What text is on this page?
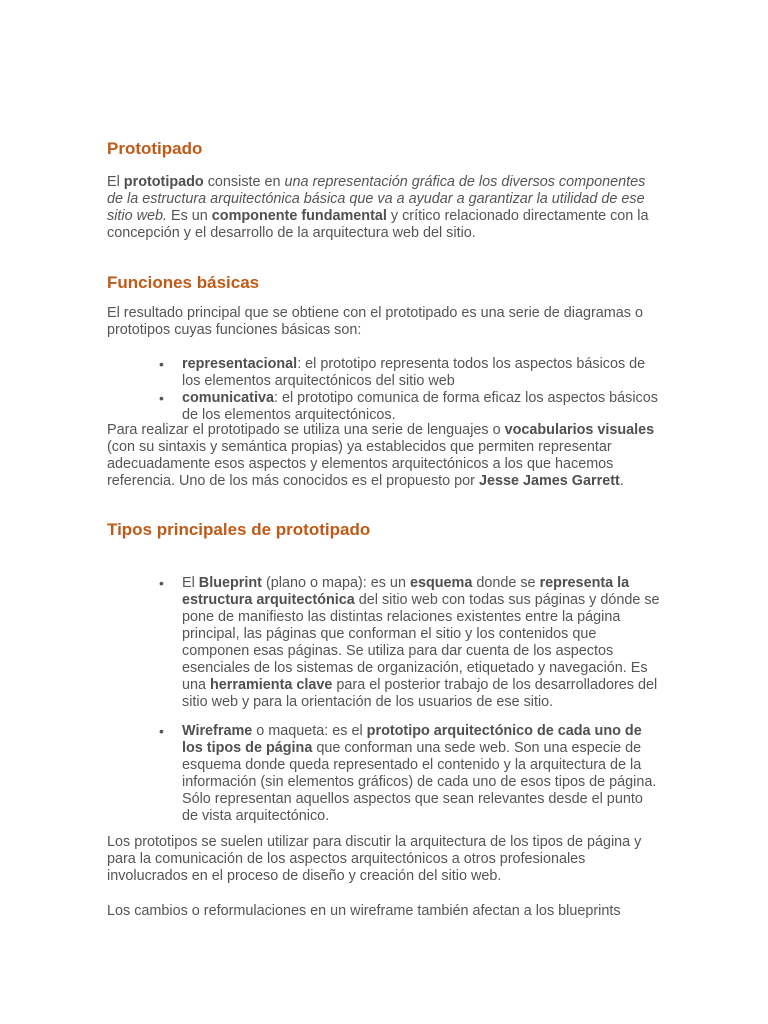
Prototipado

El prototipado consiste en una representación gráfica de los diversos componentes de la estructura arquitectónica básica que va a ayudar a garantizar la utilidad de ese sitio web. Es un componente fundamental y crítico relacionado directamente con la concepción y el desarrollo de la arquitectura web del sitio.

Funciones básicas

El resultado principal que se obtiene con el prototipado es una serie de diagramas o prototipos cuyas funciones básicas son:

• representacional: el prototipo representa todos los aspectos básicos de los elementos arquitectónicos del sitio web
• comunicativa: el prototipo comunica de forma eficaz los aspectos básicos de los elementos arquitectónicos.

Para realizar el prototipado se utiliza una serie de lenguajes o vocabularios visuales (con su sintaxis y semántica propias) ya establecidos que permiten representar adecuadamente esos aspectos y elementos arquitectónicos a los que hacemos referencia. Uno de los más conocidos es el propuesto por Jesse James Garrett.

Tipos principales de prototipado
• El Blueprint (plano o mapa): es un esquema donde se representa la estructura arquitectónica del sitio web con todas sus páginas y dónde se pone de manifiesto las distintas relaciones existentes entre la página principal, las páginas que conforman el sitio y los contenidos que componen esas páginas. Se utiliza para dar cuenta de los aspectos esenciales de los sistemas de organización, etiquetado y navegación. Es una herramienta clave para el posterior trabajo de los desarrolladores del sitio web y para la orientación de los usuarios de ese sitio.
• Wireframe o maqueta: es el prototipo arquitectónico de cada uno de los tipos de página que conforman una sede web. Son una especie de esquema donde queda representado el contenido y la arquitectura de la información (sin elementos gráficos) de cada uno de esos tipos de página. Sólo representan aquellos aspectos que sean relevantes desde el punto de vista arquitectónico.

Los prototipos se suelen utilizar para discutir la arquitectura de los tipos de página y para la comunicación de los aspectos arquitectónicos a otros profesionales involucrados en el proceso de diseño y creación del sitio web.

Los cambios o reformulaciones en un wireframe también afectan a los blueprints
